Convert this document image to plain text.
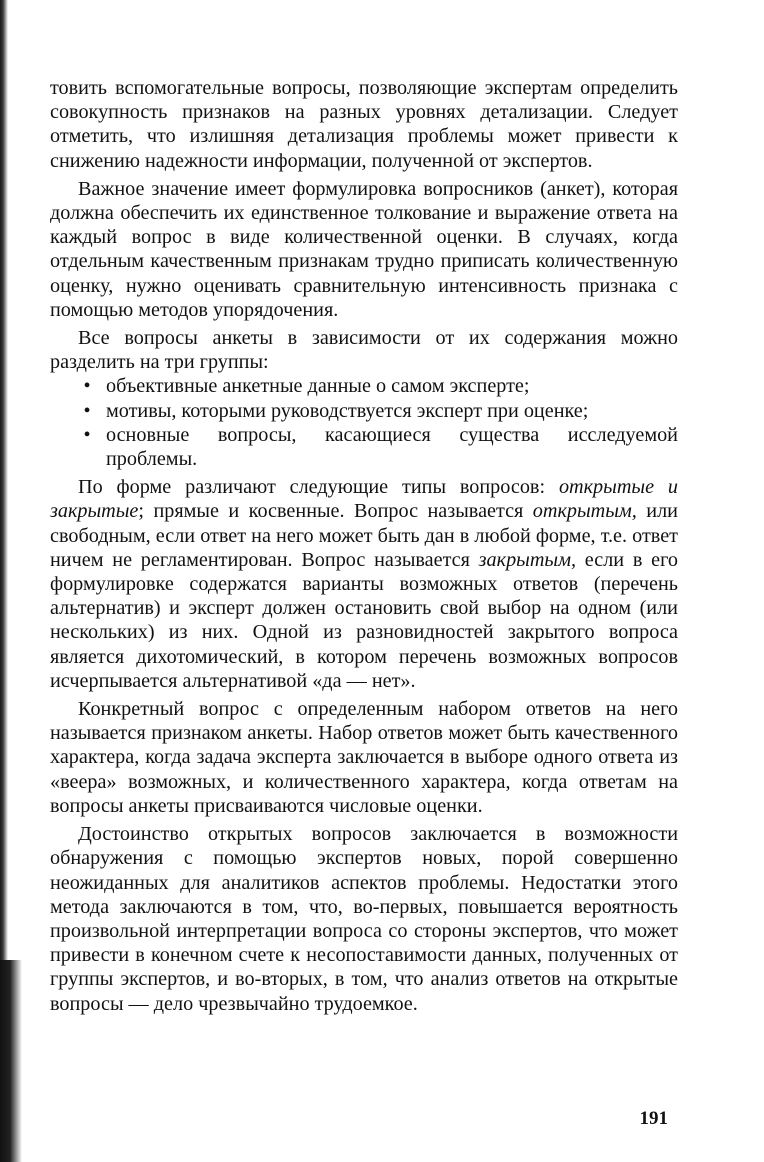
товить вспомогательные вопросы, позволяющие экспертам определить совокупность признаков на разных уровнях детализации. Следует отметить, что излишняя детализация проблемы может привести к снижению надежности информации, полученной от экспертов.

Важное значение имеет формулировка вопросников (анкет), которая должна обеспечить их единственное толкование и выражение ответа на каждый вопрос в виде количественной оценки. В случаях, когда отдельным качественным признакам трудно приписать количественную оценку, нужно оценивать сравнительную интенсивность признака с помощью методов упорядочения.

Все вопросы анкеты в зависимости от их содержания можно разделить на три группы:

• объективные анкетные данные о самом эксперте;
• мотивы, которыми руководствуется эксперт при оценке;
• основные вопросы, касающиеся существа исследуемой проблемы.

По форме различают следующие типы вопросов: открытые и закрытые; прямые и косвенные. Вопрос называется открытым, или свободным, если ответ на него может быть дан в любой форме, т.е. ответ ничем не регламентирован. Вопрос называется закрытым, если в его формулировке содержатся варианты возможных ответов (перечень альтернатив) и эксперт должен остановить свой выбор на одном (или нескольких) из них. Одной из разновидностей закрытого вопроса является дихотомический, в котором перечень возможных вопросов исчерпывается альтернативой «да — нет».

Конкретный вопрос с определенным набором ответов на него называется признаком анкеты. Набор ответов может быть качественного характера, когда задача эксперта заключается в выборе одного ответа из «веера» возможных, и количественного характера, когда ответам на вопросы анкеты присваиваются числовые оценки.

Достоинство открытых вопросов заключается в возможности обнаружения с помощью экспертов новых, порой совершенно неожиданных для аналитиков аспектов проблемы. Недостатки этого метода заключаются в том, что, во-первых, повышается вероятность произвольной интерпретации вопроса со стороны экспертов, что может привести в конечном счете к несопоставимости данных, полученных от группы экспертов, и во-вторых, в том, что анализ ответов на открытые вопросы — дело чрезвычайно трудоемкое.

191
